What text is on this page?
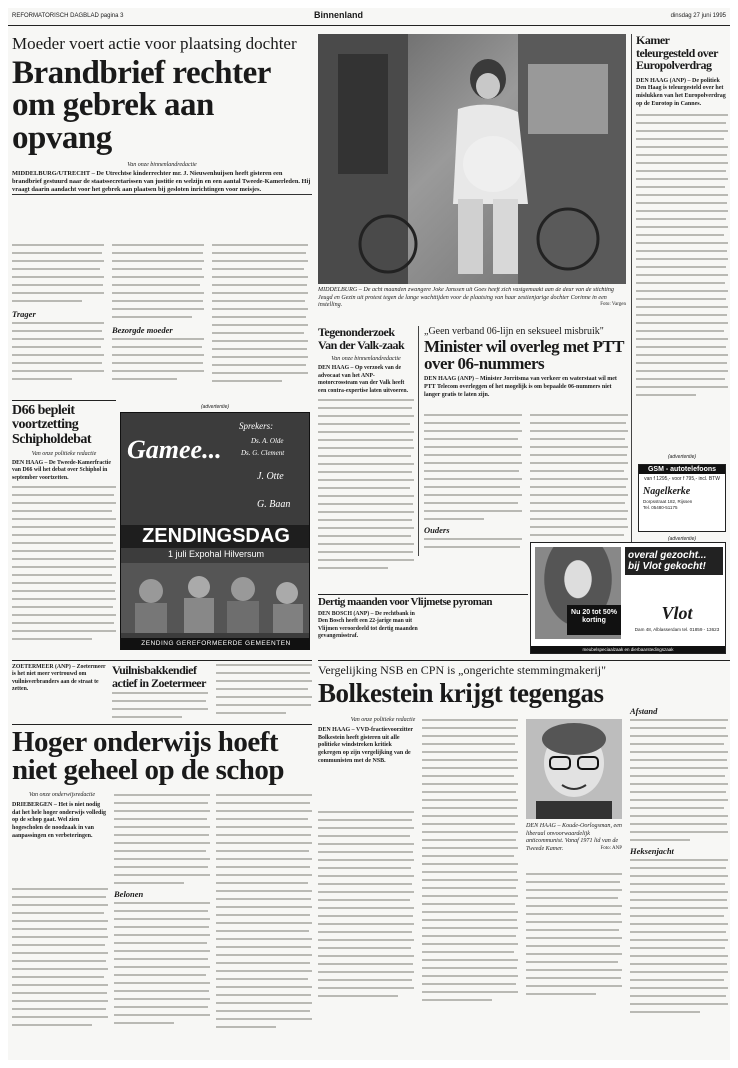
REFORMATORISCH DAGBLAD pagina 3	Binnenland	dinsdag 27 juni 1995
Moeder voert actie voor plaatsing dochter
Brandbrief rechter om gebrek aan opvang
Van onze binnenlandredactie
MIDDELBURG/UTRECHT – De Utrechtse kinderrechter mr. J. Nieuwenhuijsen heeft gisteren een brandbrief gestuurd naar de staatssecretarissen van justitie en welzijn en een aantal Tweede-Kamerleden. Hij vraagt daarin aandacht voor het gebrek aan plaatsen bij gesloten inrichtingen voor meisjes.
Trager
Bezorgde moeder
MIDDELBURG – De acht maanden zwangere Joke Janssen uit Goes heeft zich vastgemaakt aan de deur van de stichting Jeugd en Gezin uit protest tegen de lange wachttijden voor de plaatsing van haar zestienjarige dochter Corinne in een instelling.	Foto: Vargen
Kamer teleurgesteld over Europolverdrag
DEN HAAG (ANP) – De politiek Den Haag is teleurgesteld over het mislukken van het Europolverdrag op de Eurotop in Cannes.
(advertentie)
GSM - autotelefoons
van f 1295,- voor f 795,- incl. BTW
Nagelkerke
Dorpsstraat 182, Rijssen
Tel. 05480-51175
Tegenonderzoek Van der Valk-zaak
Van onze binnenlandredactie
DEN HAAG – Op verzoek van de advocaat van het ANP-motorcrossteam van der Valk heeft een contra-expertise laten uitvoeren.
„Geen verband 06-lijn en seksueel misbruik"
Minister wil overleg met PTT over 06-nummers
DEN HAAG (ANP) – Minister Jorritsma van verkeer en waterstaat wil met PTT Telecom overleggen of het mogelijk is om bepaalde 06-nummers niet langer gratis te laten zijn.
Ouders
(advertentie)
overal gezocht... bij Vlot gekocht!
Nu 20 tot 50% korting	Vlot
Dam 48, Alblasserdam tel. 01859 - 13623
meubelspeciaalzaak en dierbaarstedingszaak
Dertig maanden voor Vlijmetse pyroman
DEN BOSCH (ANP) – De rechtbank in Den Bosch heeft een 22-jarige man uit Vlijmen veroordeeld tot dertig maanden gevangenisstraf.
D66 bepleit voortzetting Schipholdebat
Van onze politieke redactie
DEN HAAG – De Tweede-Kamerfractie van D66 wil het debat over Schiphol in september voortzetten.
(advertentie)
Gamee...
Sprekers:
Ds. A. Olde
Ds. G. Clement
J. Otte
G. Baan
ZENDINGSDAG
1 juli Expohal Hilversum
ZENDING GEREFORMEERDE GEMEENTEN
Vergelijking NSB en CPN is „ongerichte stemmingmakerij"
Bolkestein krijgt tegengas
Van onze politieke redactie
DEN HAAG – VVD-fractievoorzitter Bolkestein heeft gisteren uit alle politieke windstreken kritiek gekregen op zijn vergelijking van de communisten met de NSB.
DEN HAAG – Koude-Oorlogsman, een liberaal onvoorwaardelijk anticommunist. Vanaf 1971 lid van de Tweede Kamer.	Foto: ANP Heksenjacht
Afstand
ZOETERMEER (ANP) – Zoetermeer is het niet meer vertrouwd om vuilnisverbranders aan de straat te zetten.
Vuilnisbakkendief actief in Zoetermeer
Hoger onderwijs hoeft niet geheel op de schop
Van onze onderwijsredactie
DRIEBERGEN – Het is niet nodig dat het hele hoger onderwijs volledig op de schop gaat. Wel zien hogescholen de noodzaak in van aanpassingen en verbeteringen.
Belonen
